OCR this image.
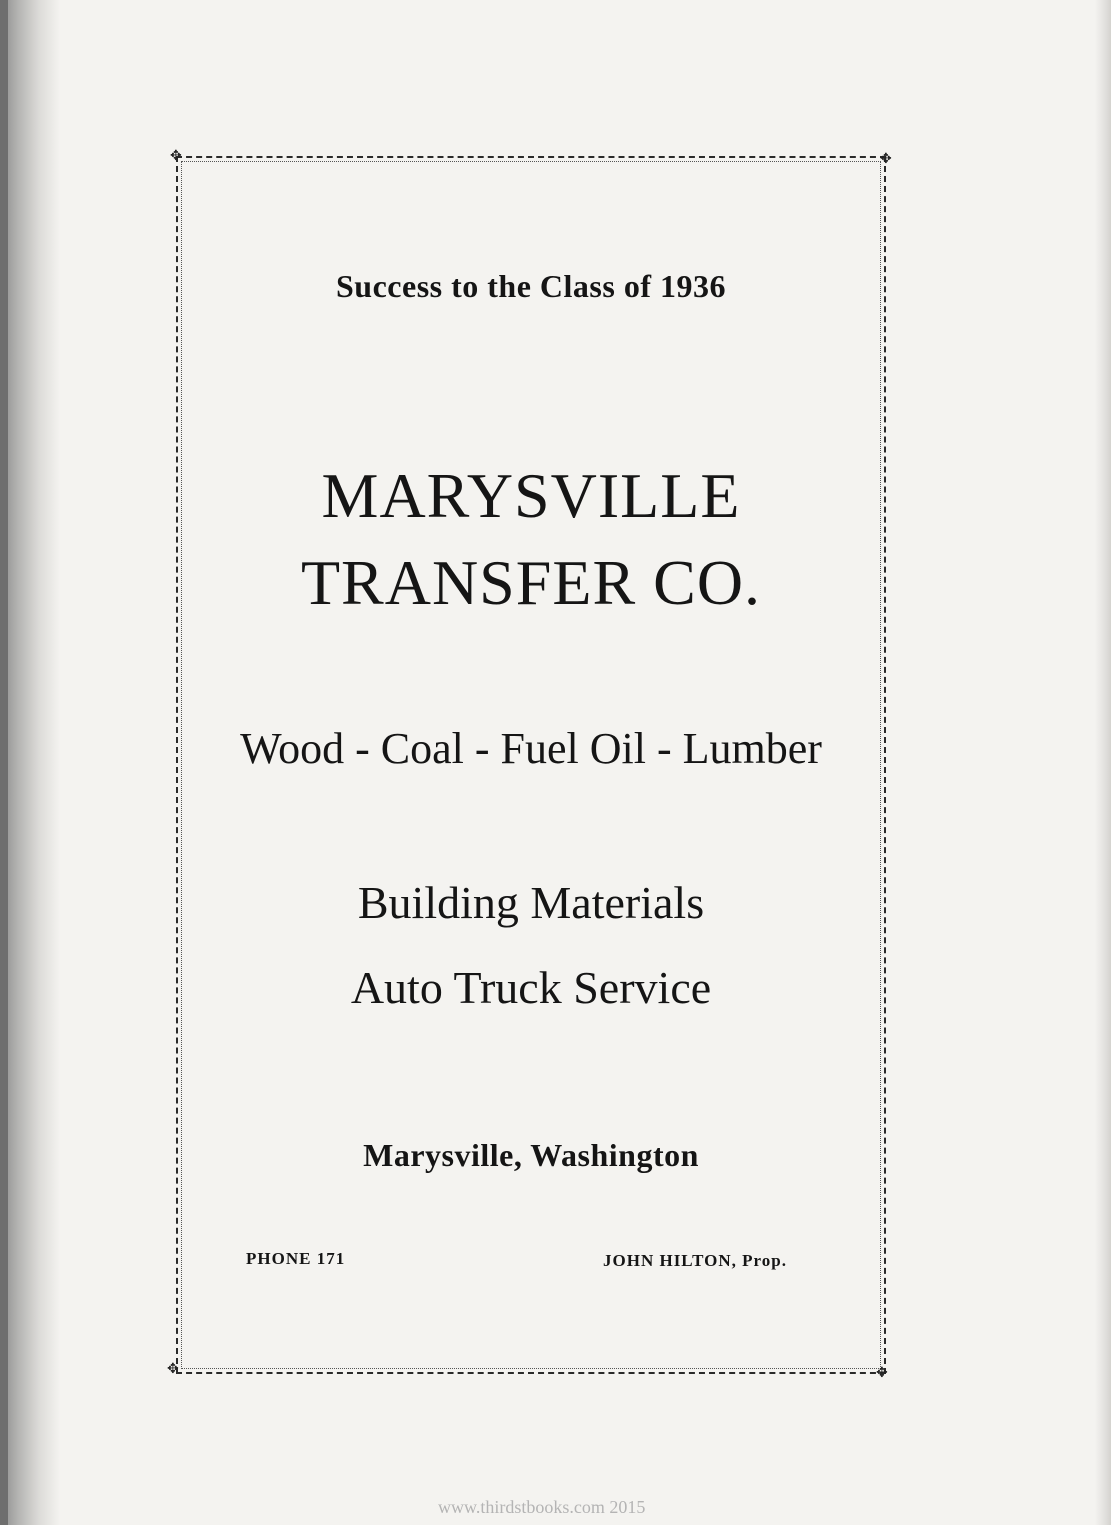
✥	✥
✥	✥
Success to the Class of 1936
MARYSVILLE
TRANSFER CO.
Wood - Coal - Fuel Oil - Lumber
Building Materials
Auto Truck Service
Marysville, Washington
PHONE 171	JOHN HILTON, Prop.
www.thirdstbooks.com 2015
